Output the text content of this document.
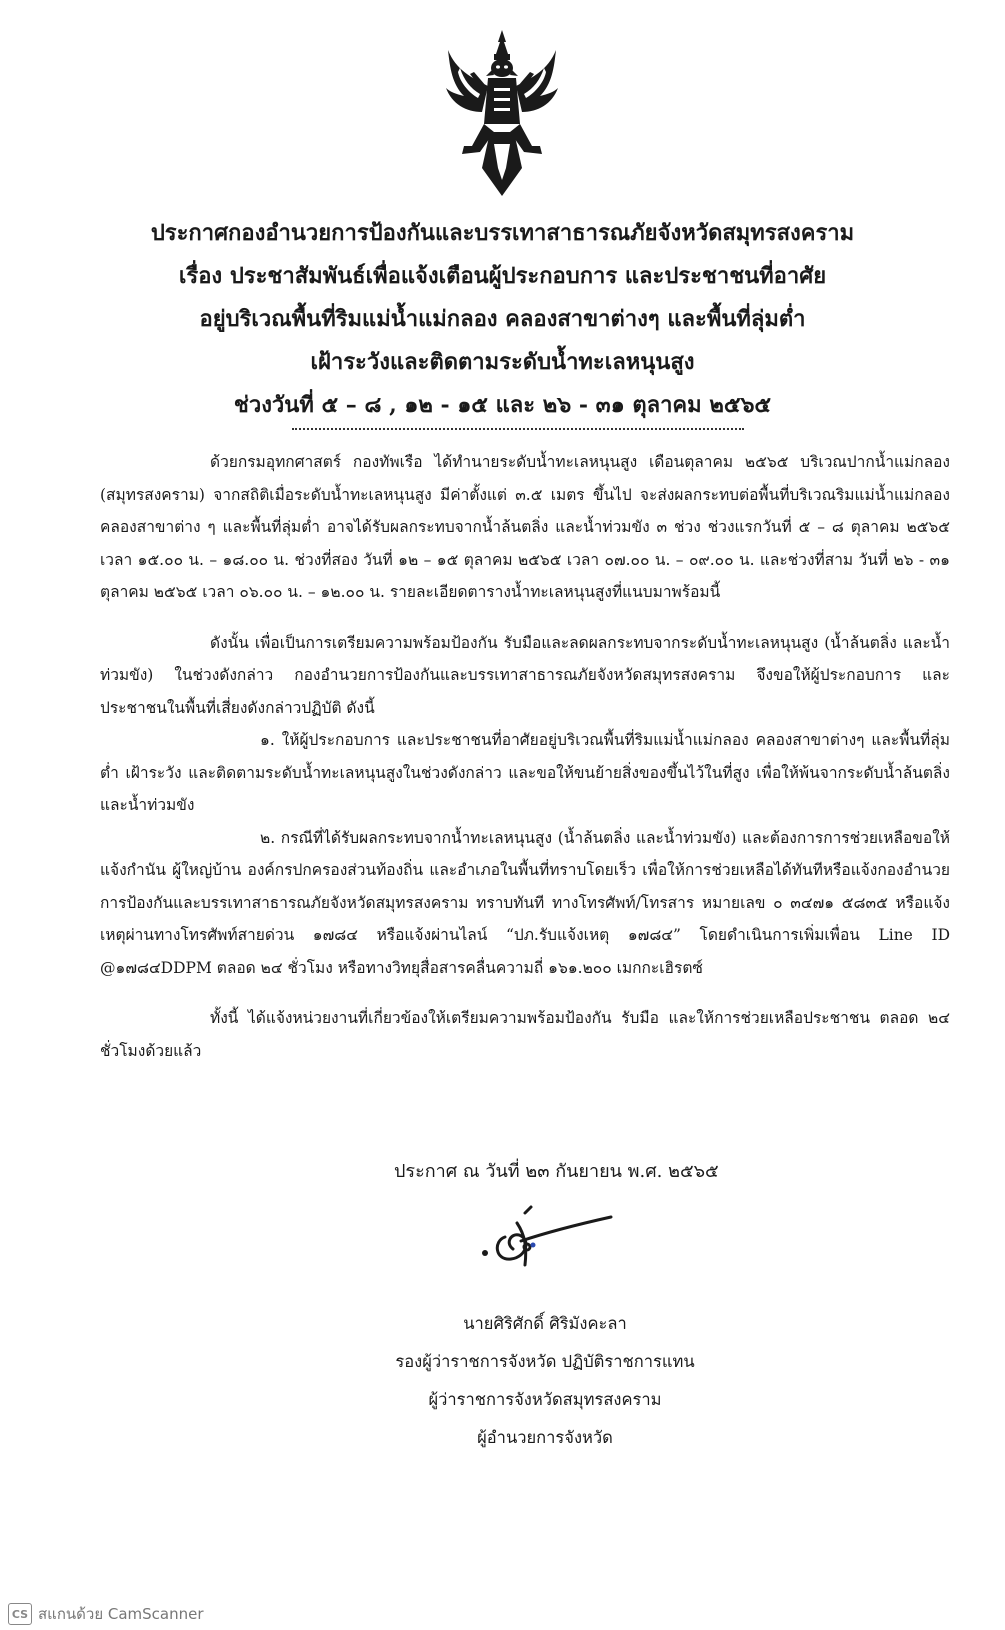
ประกาศกองอำนวยการป้องกันและบรรเทาสาธารณภัยจังหวัดสมุทรสงคราม
เรื่อง ประชาสัมพันธ์เพื่อแจ้งเตือนผู้ประกอบการ และประชาชนที่อาศัย
อยู่บริเวณพื้นที่ริมแม่น้ำแม่กลอง คลองสาขาต่างๆ และพื้นที่ลุ่มต่ำ
เฝ้าระวังและติดตามระดับน้ำทะเลหนุนสูง
ช่วงวันที่ ๕ – ๘ , ๑๒ - ๑๕ และ ๒๖ - ๓๑ ตุลาคม ๒๕๖๕

ด้วยกรมอุทกศาสตร์ กองทัพเรือ ได้ทำนายระดับน้ำทะเลหนุนสูง เดือนตุลาคม ๒๕๖๕ บริเวณปากน้ำแม่กลอง (สมุทรสงคราม) จากสถิติเมื่อระดับน้ำทะเลหนุนสูง มีค่าตั้งแต่ ๓.๕ เมตร ขึ้นไป จะส่งผลกระทบต่อพื้นที่บริเวณริมแม่น้ำแม่กลอง คลองสาขาต่าง ๆ และพื้นที่ลุ่มต่ำ อาจได้รับผลกระทบจากน้ำล้นตลิ่ง และน้ำท่วมขัง ๓ ช่วง ช่วงแรกวันที่ ๕ – ๘ ตุลาคม ๒๕๖๕ เวลา ๑๕.๐๐ น. – ๑๘.๐๐ น. ช่วงที่สอง วันที่ ๑๒ – ๑๕ ตุลาคม ๒๕๖๕ เวลา ๐๗.๐๐ น. – ๐๙.๐๐ น. และช่วงที่สาม วันที่ ๒๖ - ๓๑ ตุลาคม ๒๕๖๕ เวลา ๐๖.๐๐ น. – ๑๒.๐๐ น. รายละเอียดตารางน้ำทะเลหนุนสูงที่แนบมาพร้อมนี้

ดังนั้น เพื่อเป็นการเตรียมความพร้อมป้องกัน รับมือและลดผลกระทบจากระดับน้ำทะเลหนุนสูง (น้ำล้นตลิ่ง และน้ำท่วมขัง) ในช่วงดังกล่าว กองอำนวยการป้องกันและบรรเทาสาธารณภัยจังหวัดสมุทรสงคราม จึงขอให้ผู้ประกอบการ และประชาชนในพื้นที่เสี่ยงดังกล่าวปฏิบัติ ดังนี้

๑. ให้ผู้ประกอบการ และประชาชนที่อาศัยอยู่บริเวณพื้นที่ริมแม่น้ำแม่กลอง คลองสาขาต่างๆ และพื้นที่ลุ่มต่ำ เฝ้าระวัง และติดตามระดับน้ำทะเลหนุนสูงในช่วงดังกล่าว และขอให้ขนย้ายสิ่งของขึ้นไว้ในที่สูง เพื่อให้พ้นจากระดับน้ำล้นตลิ่ง และน้ำท่วมขัง

๒. กรณีที่ได้รับผลกระทบจากน้ำทะเลหนุนสูง (น้ำล้นตลิ่ง และน้ำท่วมขัง) และต้องการการช่วยเหลือขอให้แจ้งกำนัน ผู้ใหญ่บ้าน องค์กรปกครองส่วนท้องถิ่น และอำเภอในพื้นที่ทราบโดยเร็ว เพื่อให้การช่วยเหลือได้ทันทีหรือแจ้งกองอำนวยการป้องกันและบรรเทาสาธารณภัยจังหวัดสมุทรสงคราม ทราบทันที ทางโทรศัพท์/โทรสาร หมายเลข ๐ ๓๔๗๑ ๕๘๓๕ หรือแจ้งเหตุผ่านทางโทรศัพท์สายด่วน ๑๗๘๔ หรือแจ้งผ่านไลน์ “ปภ.รับแจ้งเหตุ ๑๗๘๔” โดยดำเนินการเพิ่มเพื่อน Line ID @๑๗๘๔DDPM ตลอด ๒๔ ชั่วโมง หรือทางวิทยุสื่อสารคลื่นความถี่ ๑๖๑.๒๐๐ เมกกะเฮิรตซ์

ทั้งนี้ ได้แจ้งหน่วยงานที่เกี่ยวข้องให้เตรียมความพร้อมป้องกัน รับมือ และให้การช่วยเหลือประชาชน ตลอด ๒๔ ชั่วโมงด้วยแล้ว

ประกาศ ณ วันที่ ๒๓ กันยายน พ.ศ. ๒๕๖๕
นายศิริศักดิ์ ศิริมังคะลา
รองผู้ว่าราชการจังหวัด ปฏิบัติราชการแทน
ผู้ว่าราชการจังหวัดสมุทรสงคราม
ผู้อำนวยการจังหวัด
CS สแกนด้วย CamScanner
